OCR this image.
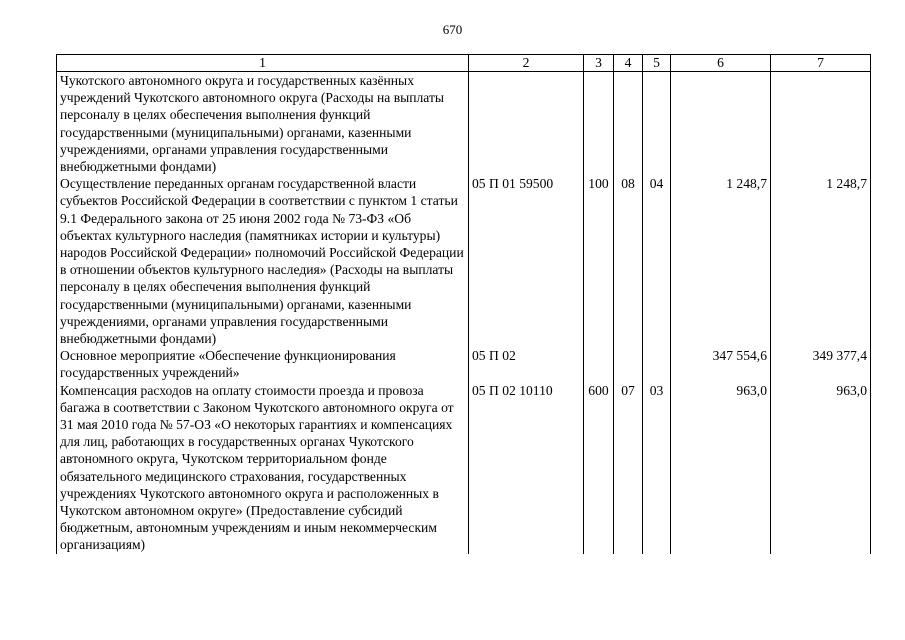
670
1	2	3	4	5	6	7
Чукотского автономного округа и государственных казённых учреждений Чукотского автономного округа (Расходы на выплаты персоналу в целях обеспечения выполнения функций государственными (муниципальными) органами, казенными учреждениями, органами управления государственными внебюджетными фондами)						
Осуществление переданных органам государственной власти субъектов Российской Федерации в соответствии с пунктом 1 статьи 9.1 Федерального закона от 25 июня 2002 года № 73-ФЗ «Об объектах культурного наследия (памятниках истории и культуры) народов Российской Федерации» полномочий Российской Федерации в отношении объектов культурного наследия» (Расходы на выплаты персоналу в целях обеспечения выполнения функций государственными (муниципальными) органами, казенными учреждениями, органами управления государственными внебюджетными фондами)	05 П 01 59500	100	08	04	1 248,7	1 248,7
Основное мероприятие «Обеспечение функционирования государственных учреждений»	05 П 02				347 554,6	349 377,4
Компенсация расходов на оплату стоимости проезда и провоза багажа в соответствии с Законом Чукотского автономного округа от 31 мая 2010 года № 57-ОЗ «О некоторых гарантиях и компенсациях для лиц, работающих в государственных органах Чукотского автономного округа, Чукотском территориальном фонде обязательного медицинского страхования, государственных учреждениях Чукотского автономного округа и расположенных в Чукотском автономном округе» (Предоставление субсидий бюджетным, автономным учреждениям и иным некоммерческим организациям)	05 П 02 10110	600	07	03	963,0	963,0
